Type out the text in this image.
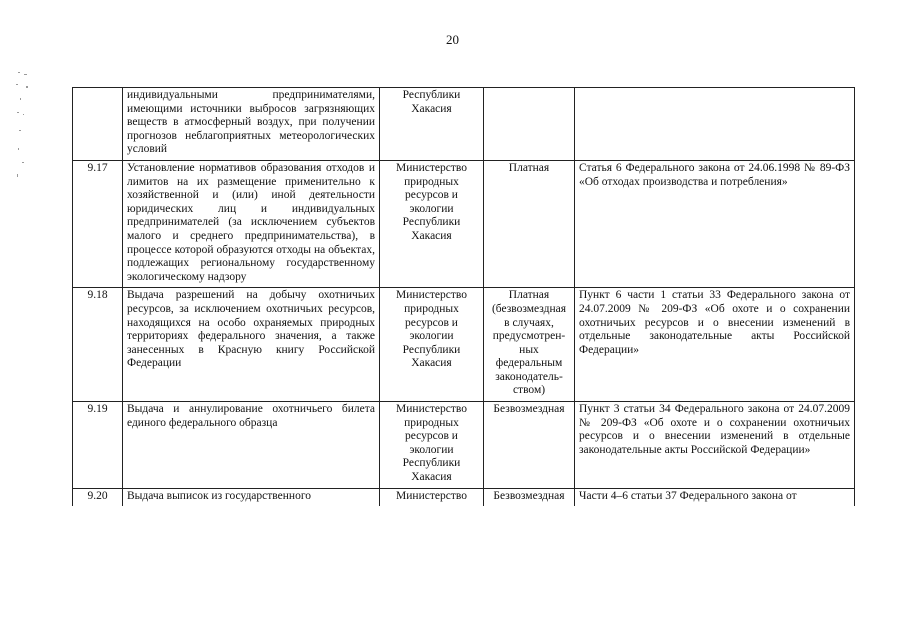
20
	индивидуальными предпринимателями, имеющими источники выбросов загрязняющих веществ в атмосферный воздух, при получении прогнозов неблагоприятных метеорологических условий	Республики Хакасия		
9.17	Установление нормативов образования отходов и лимитов на их размещение применительно к хозяйственной и (или) иной деятельности юридических лиц и индивидуальных предпринимателей (за исключением субъектов малого и среднего предпринимательства), в процессе которой образуются отходы на объектах, подлежащих региональному государственному экологическому надзору	Министерство природных ресурсов и экологии Республики Хакасия	Платная	Статья 6 Федерального закона от 24.06.1998 № 89-ФЗ «Об отходах производства и потребления»
9.18	Выдача разрешений на добычу охотничьих ресурсов, за исключением охотничьих ресурсов, находящихся на особо охраняемых природных территориях федерального значения, а также занесенных в Красную книгу Российской Федерации	Министерство природных ресурсов и экологии Республики Хакасия	Платная (безвозмездная в случаях, предусмотрен-ных федеральным законодатель-ством)	Пункт 6 части 1 статьи 33 Федерального закона от 24.07.2009 № 209-ФЗ «Об охоте и о сохранении охотничьих ресурсов и о внесении изменений в отдельные законодательные акты Российской Федерации»
9.19	Выдача и аннулирование охотничьего билета единого федерального образца	Министерство природных ресурсов и экологии Республики Хакасия	Безвозмездная	Пункт 3 статьи 34 Федерального закона от 24.07.2009 № 209-ФЗ «Об охоте и о сохранении охотничьих ресурсов и о внесении изменений в отдельные законодательные акты Российской Федерации»
9.20	Выдача выписок из государственного	Министерство	Безвозмездная	Части 4–6 статьи 37 Федерального закона от
